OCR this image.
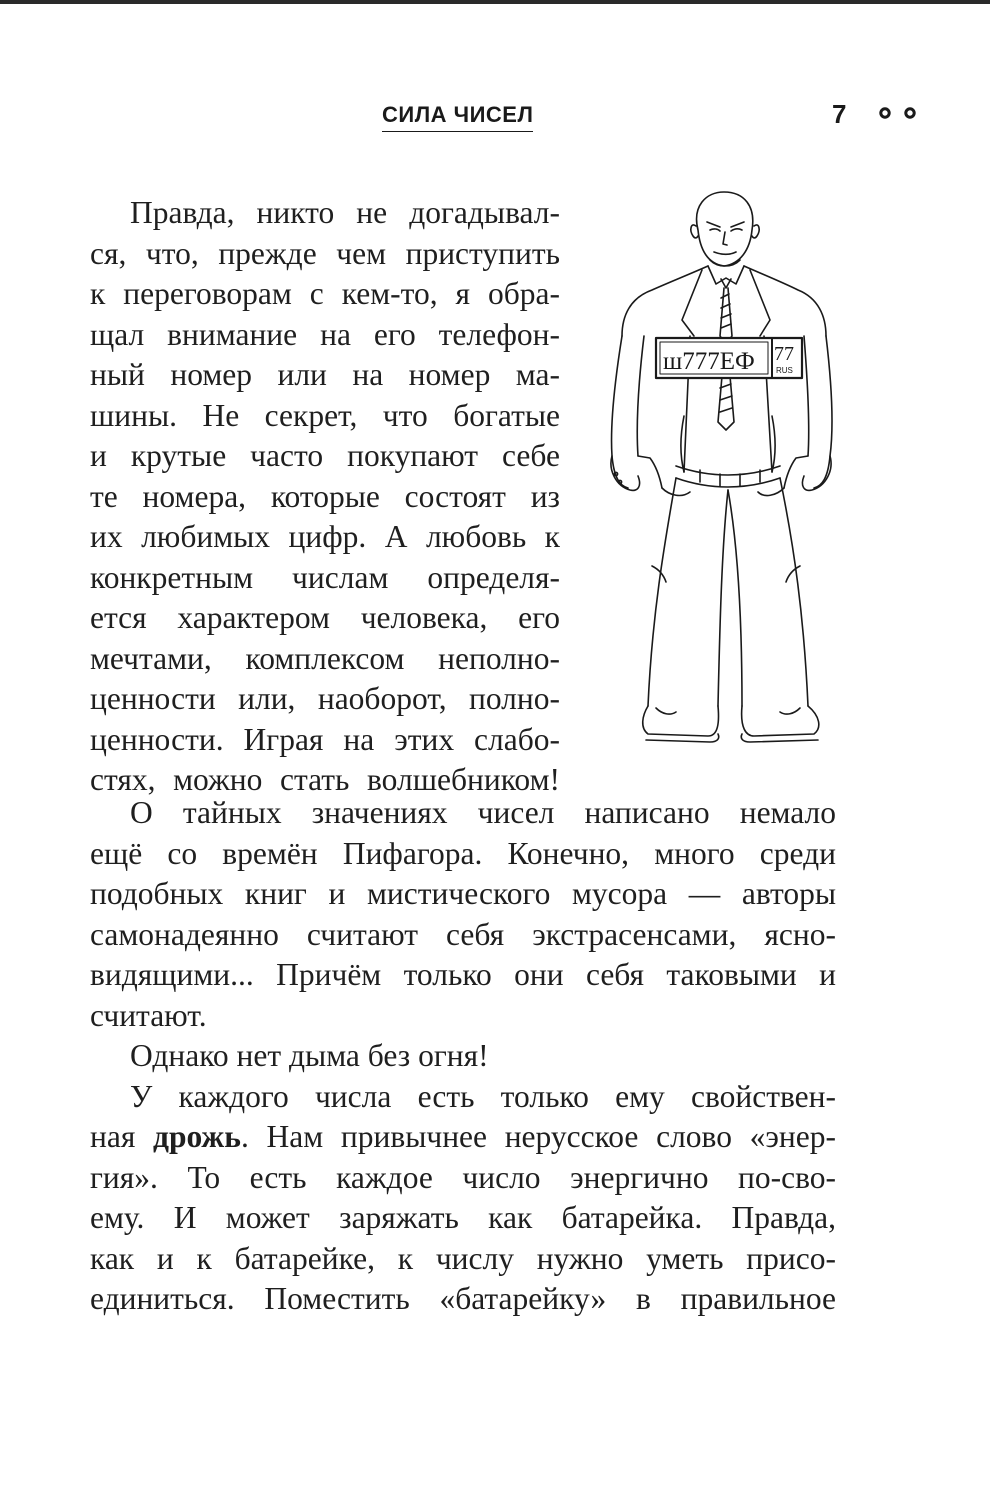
СИЛА ЧИСЕЛ	7
Правда, никто не догадывал-
ся, что, прежде чем приступить
к переговорам с кем-то, я обра-
щал внимание на его телефон-
ный номер или на номер ма-
шины. Не секрет, что богатые
и крутые часто покупают себе
те номера, которые состоят из
их любимых цифр. А любовь к
конкретным числам определя-
ется характером человека, его
мечтами, комплексом неполно-
ценности или, наоборот, полно-
ценности. Играя на этих слабо-
стях, можно стать волшебником!
ш777ЕФ 77
RUS
О тайных значениях чисел написано немало
ещё со времён Пифагора. Конечно, много среди
подобных книг и мистического мусора — авторы
самонадеянно считают себя экстрасенсами, ясно-
видящими... Причём только они себя таковыми и
считают.
Однако нет дыма без огня!
У каждого числа есть только ему свойствен-
ная дрожь. Нам привычнее нерусское слово «энер-
гия». То есть каждое число энергично по-сво-
ему. И может заряжать как батарейка. Правда,
как и к батарейке, к числу нужно уметь присо-
единиться. Поместить «батарейку» в правильное
